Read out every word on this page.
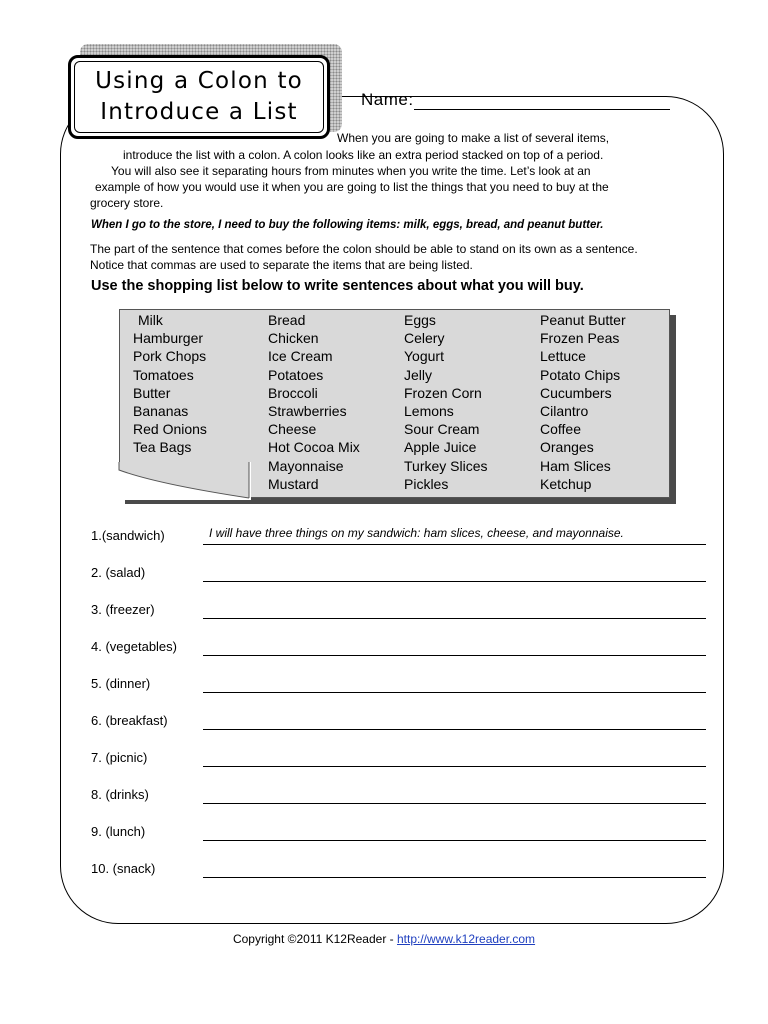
Using a Colon to
Introduce a List	Name:
When you are going to make a list of several items,
introduce the list with a colon. A colon looks like an extra period stacked on top of a period.
You will also see it separating hours from minutes when you write the time. Let’s look at an
example of how you would use it when you are going to list the things that you need to buy at the
grocery store.
When I go to the store, I need to buy the following items: milk, eggs, bread, and peanut butter.
The part of the sentence that comes before the colon should be able to stand on its own as a sentence.
Notice that commas are used to separate the items that are being listed.
Use the shopping list below to write sentences about what you will buy.
Milk
Hamburger
Pork Chops
Tomatoes
Butter
Bananas
Red Onions
Tea Bags
Bread
Chicken
Ice Cream
Potatoes
Broccoli
Strawberries
Cheese
Hot Cocoa Mix
Mayonnaise
Mustard
Eggs
Celery
Yogurt
Jelly
Frozen Corn
Lemons
Sour Cream
Apple Juice
Turkey Slices
Pickles
Peanut Butter
Frozen Peas
Lettuce
Potato Chips
Cucumbers
Cilantro
Coffee
Oranges
Ham Slices
Ketchup
1.(sandwich)	I will have three things on my sandwich: ham slices, cheese, and mayonnaise.
2. (salad)
3. (freezer)
4. (vegetables)
5. (dinner)
6. (breakfast)
7. (picnic)
8. (drinks)
9. (lunch)
10. (snack)
Copyright ©2011 K12Reader - http://www.k12reader.com
